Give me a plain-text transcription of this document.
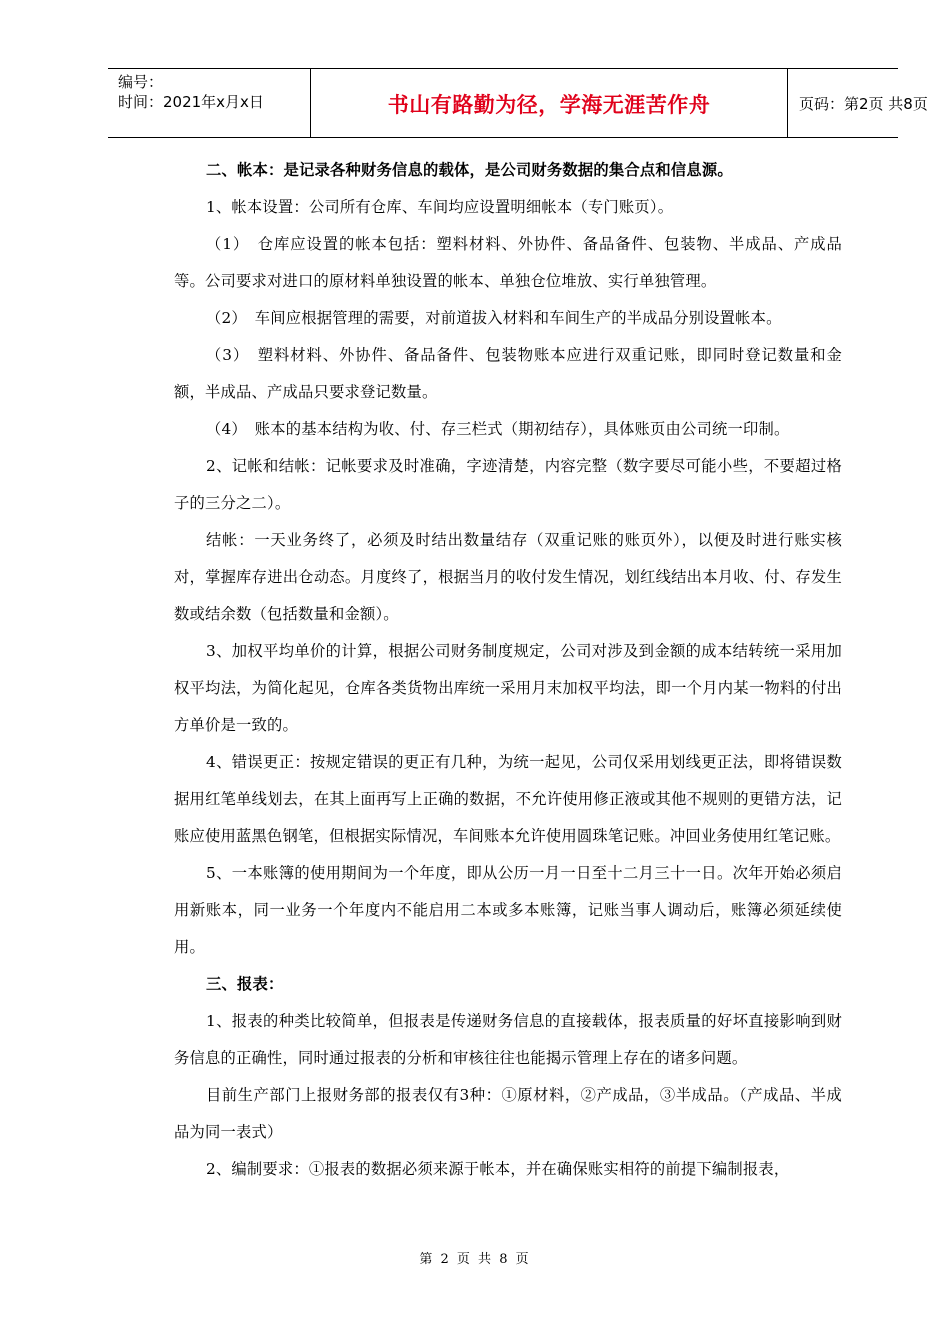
编号：
时间：2021年x月x日	书山有路勤为径，学海无涯苦作舟	页码：第2页 共8页

二、帐本：是记录各种财务信息的载体，是公司财务数据的集合点和信息源。

1、帐本设置：公司所有仓库、车间均应设置明细帐本（专门账页）。

（1）　仓库应设置的帐本包括：塑料材料、外协件、备品备件、包装物、半成品、产成品等。公司要求对进口的原材料单独设置的帐本、单独仓位堆放、实行单独管理。

（2）　车间应根据管理的需要，对前道拔入材料和车间生产的半成品分别设置帐本。

（3）　塑料材料、外协件、备品备件、包装物账本应进行双重记账，即同时登记数量和金额，半成品、产成品只要求登记数量。

（4）　账本的基本结构为收、付、存三栏式（期初结存），具体账页由公司统一印制。

2、记帐和结帐：记帐要求及时准确，字迹清楚，内容完整（数字要尽可能小些，不要超过格子的三分之二）。

结帐：一天业务终了，必须及时结出数量结存（双重记账的账页外），以便及时进行账实核对，掌握库存进出仓动态。月度终了，根据当月的收付发生情况，划红线结出本月收、付、存发生数或结余数（包括数量和金额）。

3、加权平均单价的计算，根据公司财务制度规定，公司对涉及到金额的成本结转统一采用加权平均法，为简化起见，仓库各类货物出库统一采用月末加权平均法，即一个月内某一物料的付出方单价是一致的。

4、错误更正：按规定错误的更正有几种，为统一起见，公司仅采用划线更正法，即将错误数据用红笔单线划去，在其上面再写上正确的数据，不允许使用修正液或其他不规则的更错方法，记账应使用蓝黑色钢笔，但根据实际情况，车间账本允许使用圆珠笔记账。冲回业务使用红笔记账。

5、一本账簿的使用期间为一个年度，即从公历一月一日至十二月三十一日。次年开始必须启用新账本，同一业务一个年度内不能启用二本或多本账簿，记账当事人调动后，账簿必须延续使用。

三、报表：

1、报表的种类比较简单，但报表是传递财务信息的直接载体，报表质量的好坏直接影响到财务信息的正确性，同时通过报表的分析和审核往往也能揭示管理上存在的诸多问题。

目前生产部门上报财务部的报表仅有3种：①原材料，②产成品，③半成品。（产成品、半成品为同一表式）

2、编制要求：①报表的数据必须来源于帐本，并在确保账实相符的前提下编制报表，

第 2 页 共 8 页
